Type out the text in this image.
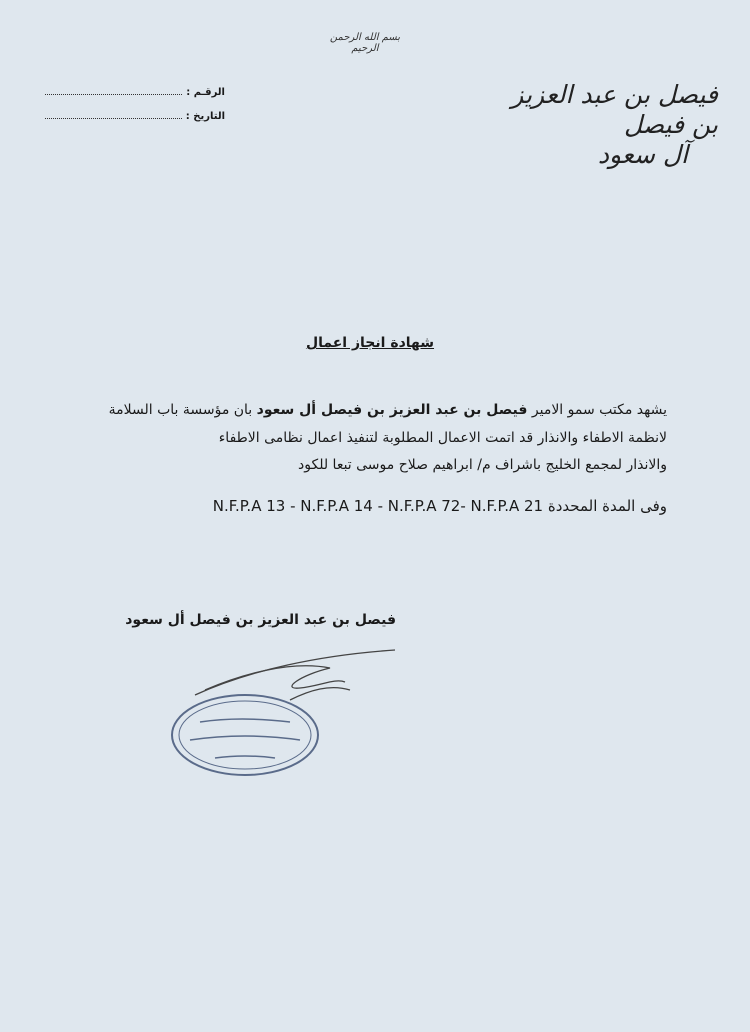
بسم الله الرحمن الرحيم
فيصل بن عبد العزيز بن فيصل
آل سعود
الرقـم :
التاريخ :
شهادة انجاز اعمال
يشهد مكتب سمو الامير فيصل بن عبد العزيز بن فيصل أل سعود بان مؤسسة باب السلامة
لانظمة الاطفاء والانذار قد اتمت الاعمال المطلوبة لتنفيذ اعمال نظامى الاطفاء
والانذار لمجمع الخليج باشراف م/ ابراهيم صلاح موسى تبعا للكود
وفى المدة المحددة N.F.P.A 13 - N.F.P.A 14 - N.F.P.A 72- N.F.P.A 21
فيصل بن عبد العزيز بن فيصل أل سعود
